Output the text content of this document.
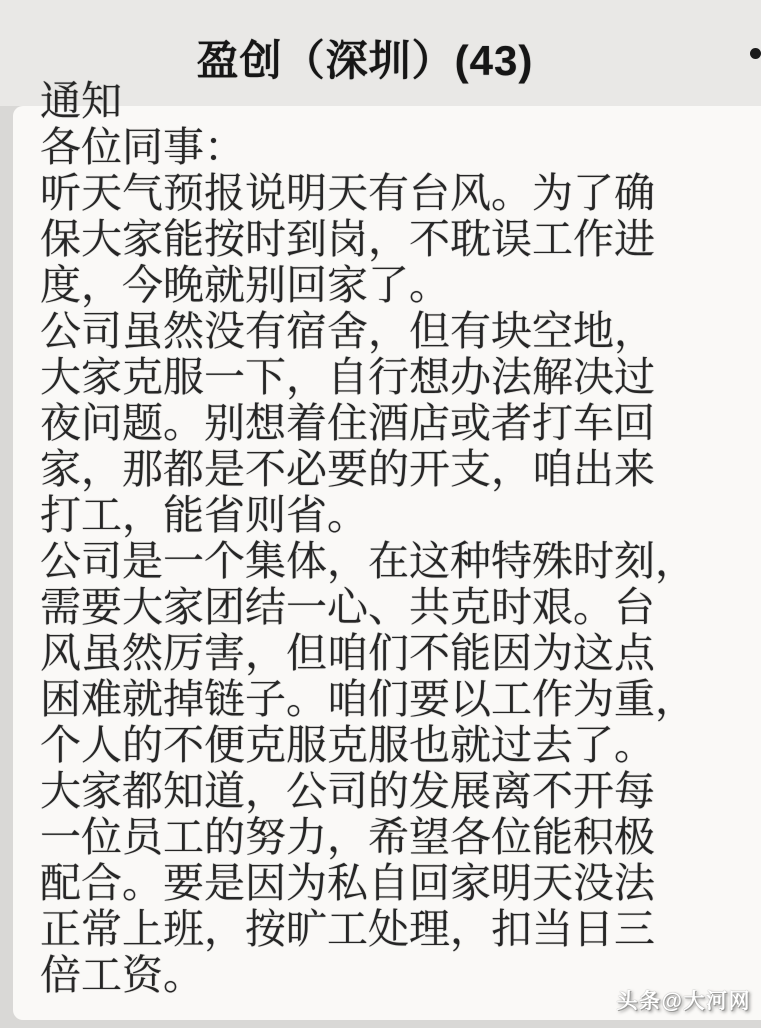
盈创（深圳）(43)
通知
各位同事：
听天气预报说明天有台风。为了确
保大家能按时到岗，不耽误工作进
度，今晚就别回家了。
公司虽然没有宿舍，但有块空地，
大家克服一下，自行想办法解决过
夜问题。别想着住酒店或者打车回
家，那都是不必要的开支，咱出来
打工，能省则省。
公司是一个集体，在这种特殊时刻，
需要大家团结一心、共克时艰。台
风虽然厉害，但咱们不能因为这点
困难就掉链子。咱们要以工作为重，
个人的不便克服克服也就过去了。
大家都知道，公司的发展离不开每
一位员工的努力，希望各位能积极
配合。要是因为私自回家明天没法
正常上班，按旷工处理，扣当日三
倍工资。
头条@大河网
